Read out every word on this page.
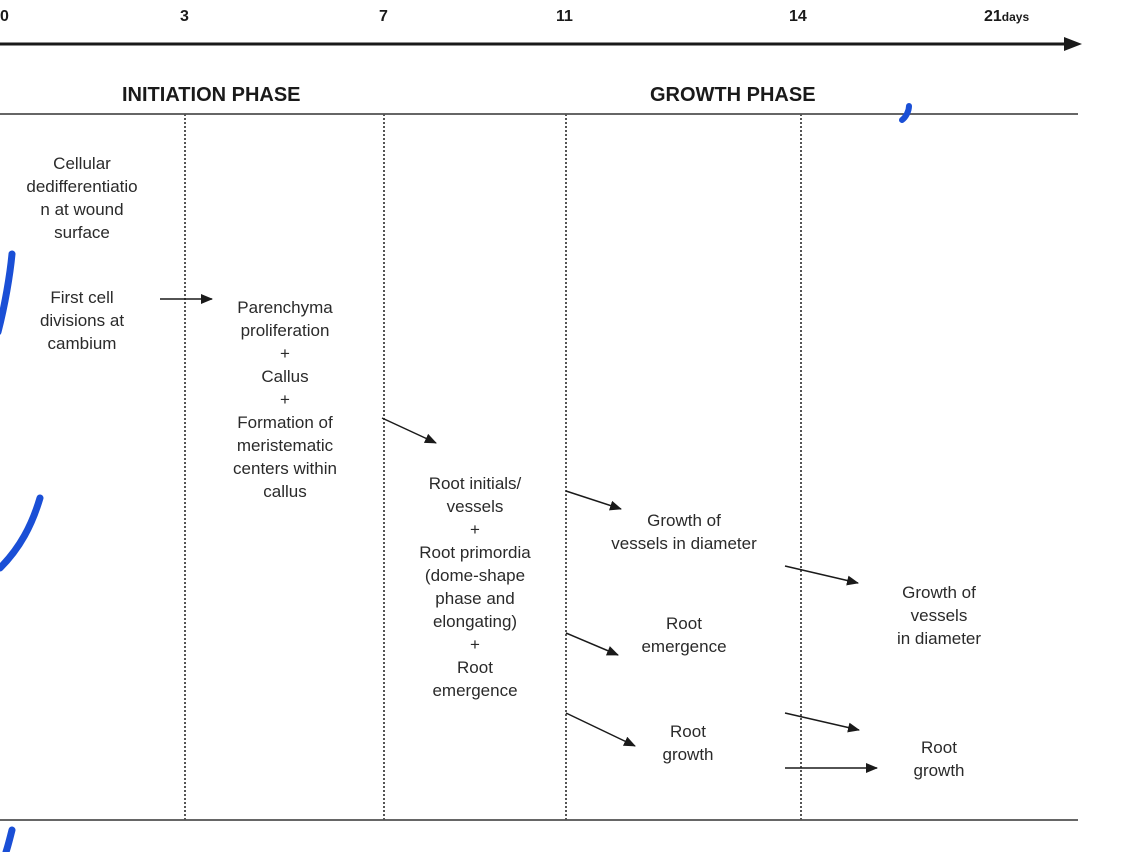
0	3	7	11	14	21days
INITIATION PHASE	GROWTH PHASE
Cellular
dedifferentiatio
n at wound
surface
First cell
divisions at
cambium
Parenchyma
proliferation
+
Callus
+
Formation of
meristematic
centers within
callus	Root initials/
vessels
+
Root primordia
(dome-shape
phase and
elongating)
+
Root
emergence
Growth of
vessels in diameter
Root
emergence
Root
growth
Growth of
vessels
in diameter
Root
growth
